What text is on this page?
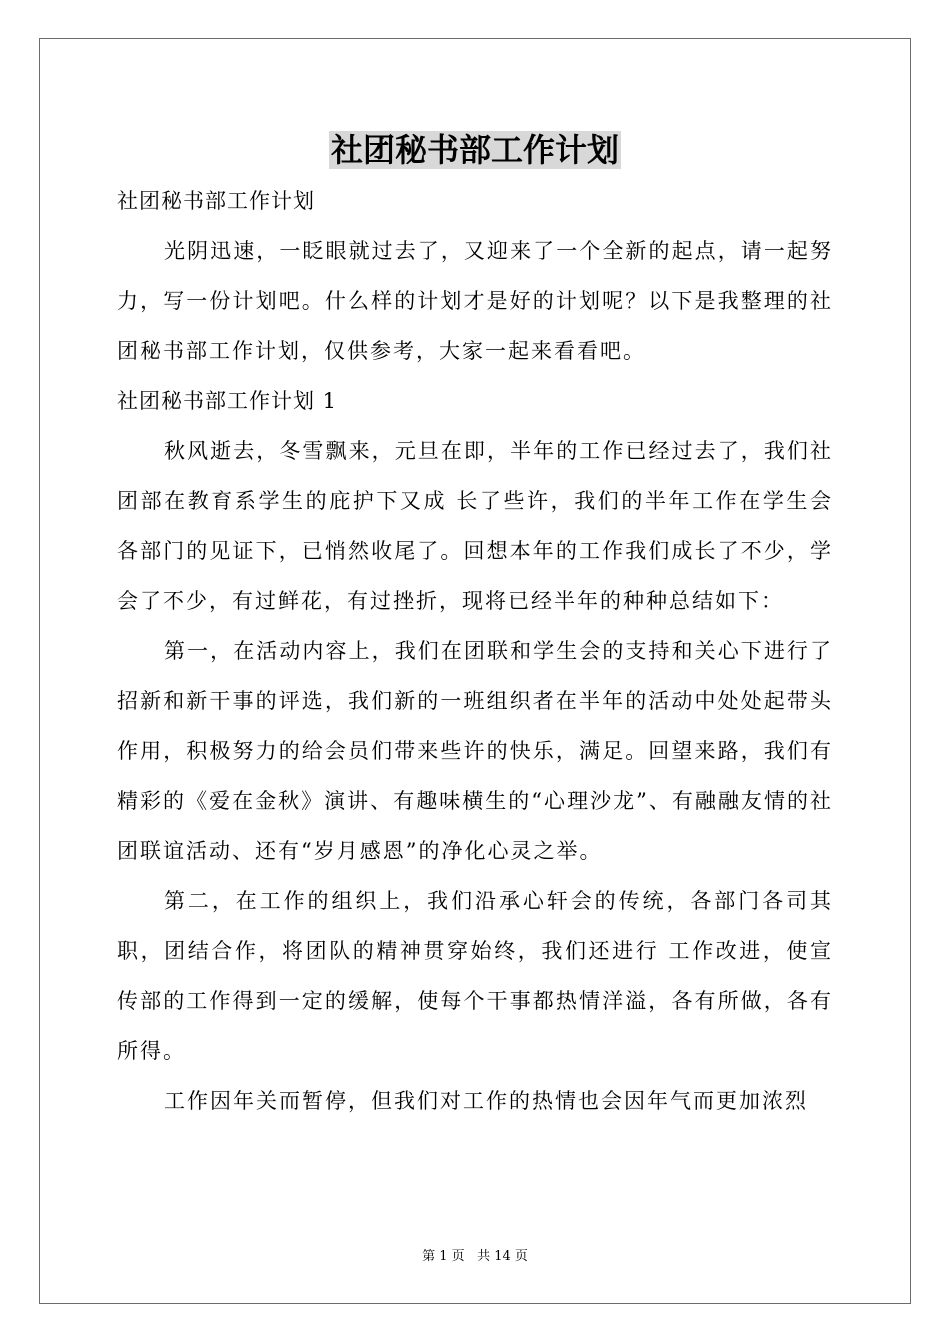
社团秘书部工作计划

社团秘书部工作计划

光阴迅速，一眨眼就过去了，又迎来了一个全新的起点，请一起努力，写一份计划吧。什么样的计划才是好的计划呢？以下是我整理的社团秘书部工作计划，仅供参考，大家一起来看看吧。

社团秘书部工作计划 1

秋风逝去，冬雪飘来，元旦在即，半年的工作已经过去了，我们社团部在教育系学生的庇护下又成 长了些许，我们的半年工作在学生会各部门的见证下，已悄然收尾了。回想本年的工作我们成长了不少，学会了不少，有过鲜花，有过挫折，现将已经半年的种种总结如下：

第一，在活动内容上，我们在团联和学生会的支持和关心下进行了招新和新干事的评选，我们新的一班组织者在半年的活动中处处起带头作用，积极努力的给会员们带来些许的快乐，满足。回望来路，我们有精彩的《爱在金秋》演讲、有趣味横生的“心理沙龙”、有融融友情的社团联谊活动、还有“岁月感恩”的净化心灵之举。

第二，在工作的组织上，我们沿承心轩会的传统，各部门各司其职，团结合作，将团队的精神贯穿始终，我们还进行 工作改进，使宣传部的工作得到一定的缓解，使每个干事都热情洋溢，各有所做，各有所得。

工作因年关而暂停，但我们对工作的热情也会因年气而更加浓烈

第 1 页 共 14 页
